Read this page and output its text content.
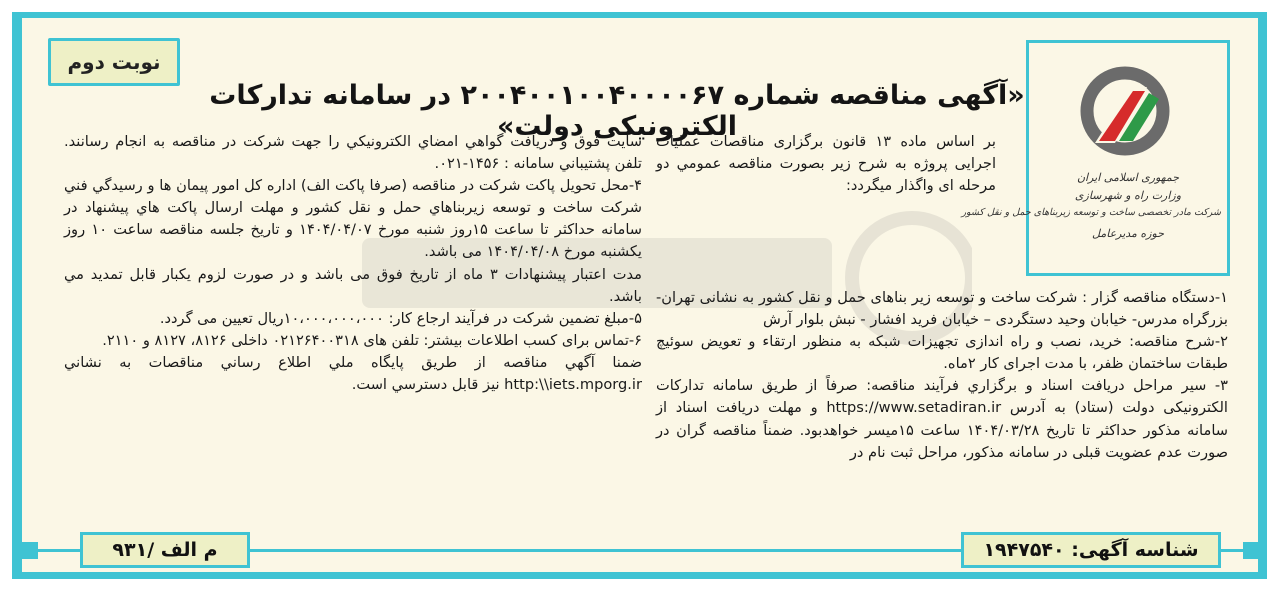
نوبت دوم
«آگهی مناقصه شماره ۲۰۰۴۰۰۱۰۰۴۰۰۰۰۶۷ در سامانه تدارکات الکترونیکی دولت»
جمهوری اسلامی ایران
وزارت راه و شهرسازی
شرکت مادر تخصصی ساخت و توسعه زیربناهای حمل و نقل کشور
حوزه مدیرعامل

بر اساس ماده ۱۳ قانون برگزاری مناقصات عملیات اجرایی پروژه به شرح زیر بصورت مناقصه عمومي دو مرحله ای واگذار میگردد:

۱-دستگاه مناقصه گزار : شرکت ساخت و توسعه زیر بناهای حمل و نقل کشور به نشانی تهران- بزرگراه مدرس- خیابان وحید دستگردی – خیابان فرید افشار - نبش بلوار آرش

۲-شرح مناقصه: خرید، نصب و راه اندازی تجهیزات شبکه به منظور ارتقاء و تعویض سوئیچ طبقات ساختمان ظفر، با مدت اجرای کار ۲ماه.

۳- سیر مراحل دریافت اسناد و برگزاري فرآیند مناقصه: صرفاً از طریق سامانه تدارکات الکترونیکی دولت (ستاد) به آدرس https://www.setadiran.ir و مهلت دریافت اسناد از سامانه مذکور حداکثر تا تاریخ ۱۴۰۴/۰۳/۲۸ ساعت ۱۵میسر خواهدبود. ضمناً مناقصه گران در صورت عدم عضویت قبلی در سامانه مذکور، مراحل ثبت نام در

سایت فوق و دریافت گواهي امضاي الکترونيکي را جهت شرکت در مناقصه به انجام رسانند. تلفن پشتيباني سامانه : ۱۴۵۶-۰۲۱.

۴-محل تحویل پاکت شرکت در مناقصه (صرفا پاکت الف) اداره کل امور پیمان ها و رسیدگي فني شرکت ساخت و توسعه زیربناهاي حمل و نقل کشور و مهلت ارسال پاکت هاي پیشنهاد در سامانه حداکثر تا ساعت ۱۵روز شنبه مورخ ۱۴۰۴/۰۴/۰۷ و تاریخ جلسه مناقصه ساعت ۱۰ روز یکشنبه مورخ ۱۴۰۴/۰۴/۰۸ می باشد.

مدت اعتبار پیشنهادات ۳ ماه از تاریخ فوق می باشد و در صورت لزوم یکبار قابل تمدید مي باشد.

۵-مبلغ تضمین شرکت در فرآیند ارجاع کار: ۱۰،۰۰۰،۰۰۰،۰۰۰ریال تعیین می گردد.

۶-تماس برای کسب اطلاعات بیشتر: تلفن های ۰۲۱۲۶۴۰۰۳۱۸ داخلی ۸۱۲۶، ۸۱۲۷ و ۲۱۱۰.

ضمنا آگهي مناقصه از طريق پايگاه ملي اطلاع رساني مناقصات به نشاني http:\\iets.mporg.ir نيز قابل دسترسي است.

شناسه آگهی: ۱۹۴۷۵۴۰
م الف /۹۳۱
